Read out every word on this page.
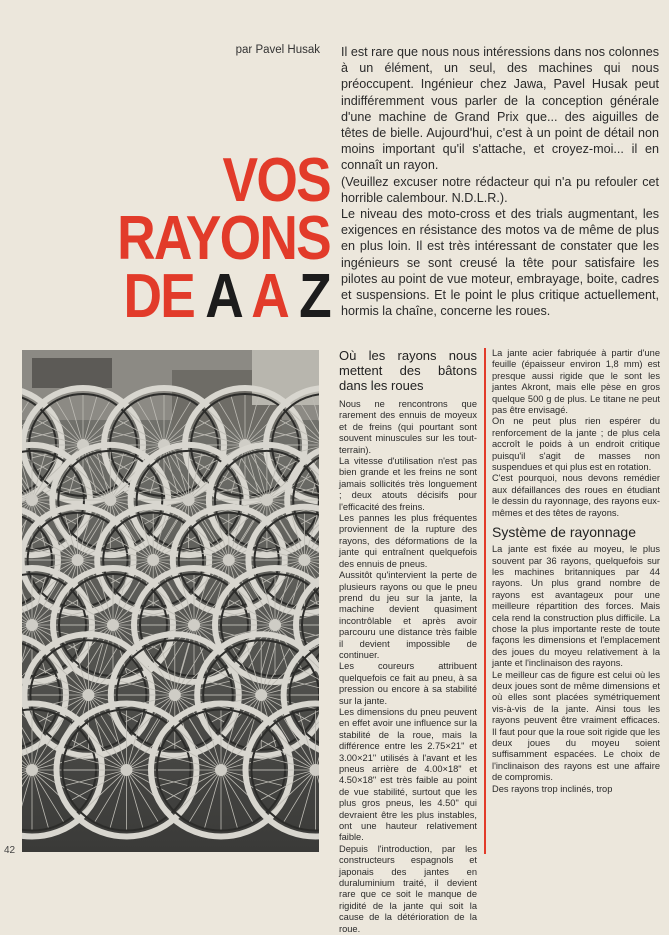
par Pavel Husak Il est rare que nous nous intéressions dans nos colonnes à un élément, un seul, des machines qui nous préoccupent. Ingénieur chez Jawa, Pavel Husak peut indifféremment vous parler de la conception générale d'une machine de Grand Prix que... des aiguilles de têtes de bielle. Aujourd'hui, c'est à un point de détail non moins important qu'il s'attache, et croyez-moi... il en connaît un rayon.

(Veuillez excuser notre rédacteur qui n'a pu refouler cet horrible calembour. N.D.L.R.).

Le niveau des moto-cross et des trials augmentant, les exigences en résistance des motos va de même de plus en plus loin. Il est très intéressant de constater que les ingénieurs se sont creusé la tête pour satisfaire les pilotes au point de vue moteur, embrayage, boite, cadres et suspensions. Et le point le plus critique actuellement, hormis la chaîne, concerne les roues.

VOS
RAYONS
DE A A Z
Où les rayons nous mettent des bâtons dans les roues

Nous ne rencontrons que rarement des ennuis de moyeux et de freins (qui pourtant sont souvent minuscules sur les tout-terrain).

La vitesse d'utilisation n'est pas bien grande et les freins ne sont jamais sollicités très longuement ; deux atouts décisifs pour l'efficacité des freins.

Les pannes les plus fréquentes proviennent de la rupture des rayons, des déformations de la jante qui entraînent quelquefois des ennuis de pneus.

Aussitôt qu'intervient la perte de plusieurs rayons ou que le pneu prend du jeu sur la jante, la machine devient quasiment incontrôlable et après avoir parcouru une distance très faible il devient impossible de continuer.

Les coureurs attribuent quelquefois ce fait au pneu, à sa pression ou encore à sa stabilité sur la jante.

Les dimensions du pneu peuvent en effet avoir une influence sur la stabilité de la roue, mais la différence entre les 2.75×21" et 3.00×21" utilisés à l'avant et les pneus arrière de 4.00×18" et 4.50×18" est très faible au point de vue stabilité, surtout que les plus gros pneus, les 4.50" qui devraient être les plus instables, ont une hauteur relativement faible.

Depuis l'introduction, par les constructeurs espagnols et japonais des jantes en duraluminium traité, il devient rare que ce soit le manque de rigidité de la jante qui soit la cause de la détérioration de la roue.

La jante acier fabriquée à partir d'une feuille (épaisseur environ 1,8 mm) est presque aussi rigide que le sont les jantes Akront, mais elle pèse en gros quelque 500 g de plus. Le titane ne peut pas être envisagé.

On ne peut plus rien espérer du renforcement de la jante ; de plus cela accroît le poids à un endroit critique puisqu'il s'agit de masses non suspendues et qui plus est en rotation.

C'est pourquoi, nous devons remédier aux défaillances des roues en étudiant le dessin du rayonnage, des rayons eux-mêmes et des têtes de rayons.

Système de rayonnage

La jante est fixée au moyeu, le plus souvent par 36 rayons, quelquefois sur les machines britanniques par 44 rayons. Un plus grand nombre de rayons est avantageux pour une meilleure répartition des forces. Mais cela rend la construction plus difficile. La chose la plus importante reste de toute façons les dimensions et l'emplacement des joues du moyeu relativement à la jante et l'inclinaison des rayons.

Le meilleur cas de figure est celui où les deux joues sont de même dimensions et où elles sont placées symétriquement vis-à-vis de la jante. Ainsi tous les rayons peuvent être vraiment efficaces. Il faut pour que la roue soit rigide que les deux joues du moyeu soient suffisamment espacées. Le choix de l'inclinaison des rayons est une affaire de compromis.

Des rayons trop inclinés, trop

42
